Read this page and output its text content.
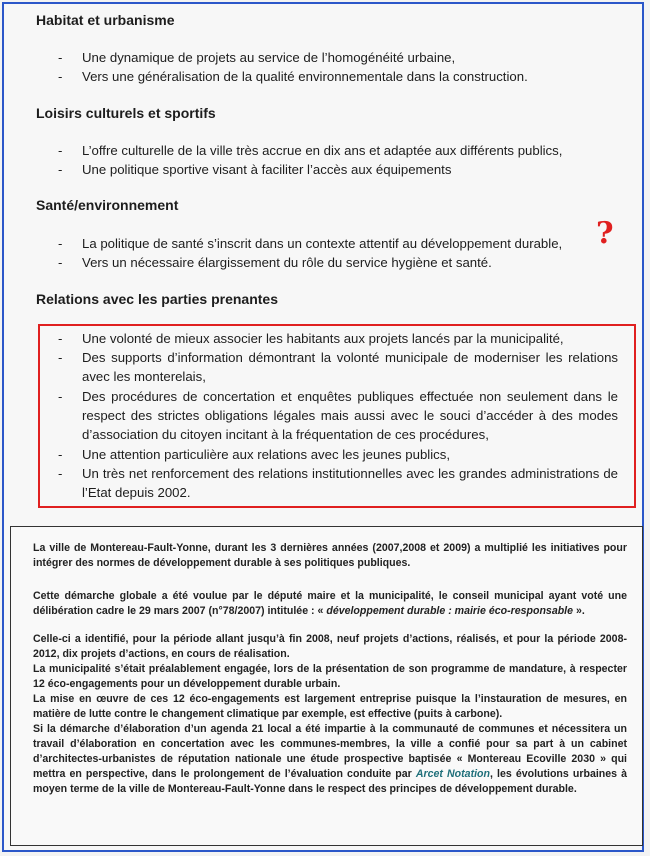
Habitat et urbanisme
- Une dynamique de projets au service de l’homogénéité urbaine,
- Vers une généralisation de la qualité environnementale dans la construction.
Loisirs culturels et sportifs
- L’offre culturelle de la ville très accrue en dix ans et adaptée aux différents publics,
- Une politique sportive visant à faciliter l’accès aux équipements
Santé/environnement
- La politique de santé s’inscrit dans un contexte attentif au développement durable,
- Vers un nécessaire élargissement du rôle du service hygiène et santé.
?
Relations avec les parties prenantes
- Une volonté de mieux associer les habitants aux projets lancés par la municipalité,
- Des supports d’information démontrant la volonté municipale de moderniser les relations avec les monterelais,
- Des procédures de concertation et enquêtes publiques effectuée non seulement dans le respect des strictes obligations légales mais aussi avec le souci d’accéder à des modes d’association du citoyen incitant à la fréquentation de ces procédures,
- Une attention particulière aux relations avec les jeunes publics,
- Un très net renforcement des relations institutionnelles avec les grandes administrations de l’Etat depuis 2002.

La ville de Montereau-Fault-Yonne, durant les 3 dernières années (2007,2008 et 2009) a multiplié les initiatives pour intégrer des normes de développement durable à ses politiques publiques.

Cette démarche globale a été voulue par le député maire et la municipalité, le conseil municipal ayant voté une délibération cadre le 29 mars 2007 (n°78/2007) intitulée : « développement durable : mairie éco-responsable ».

Celle-ci a identifié, pour la période allant jusqu’à fin 2008, neuf projets d’actions, réalisés, et pour la période 2008-2012, dix projets d’actions, en cours de réalisation.

La municipalité s’était préalablement engagée, lors de la présentation de son programme de mandature, à respecter 12 éco-engagements pour un développement durable urbain.

La mise en œuvre de ces 12 éco-engagements est largement entreprise puisque la l’instauration de mesures, en matière de lutte contre le changement climatique par exemple, est effective (puits à carbone).

Si la démarche d’élaboration d’un agenda 21 local a été impartie à la communauté de communes et nécessitera un travail d’élaboration en concertation avec les communes-membres, la ville a confié pour sa part à un cabinet d’architectes-urbanistes de réputation nationale une étude prospective baptisée « Montereau Ecoville 2030 » qui mettra en perspective, dans le prolongement de l’évaluation conduite par Arcet Notation, les évolutions urbaines à moyen terme de la ville de Montereau-Fault-Yonne dans le respect des principes de développement durable.
